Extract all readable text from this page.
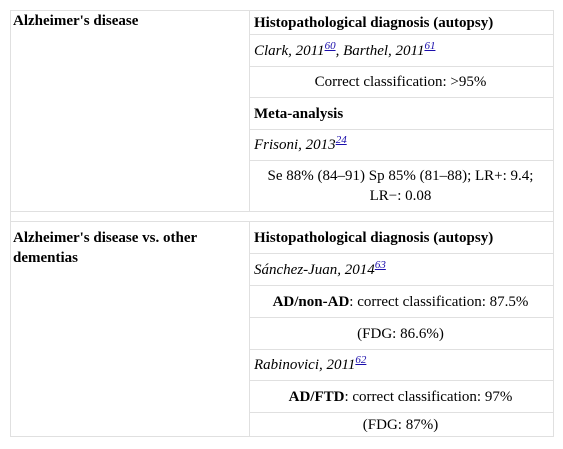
Alzheimer's disease	Histopathological diagnosis (autopsy)
	Clark, 2011$^{60}$, Barthel, 2011$^{61}$
	Correct classification: >95%
	Meta-analysis
	Frisoni, 2013$^{24}$
	Se 88% (84–91) Sp 85% (81–88); LR+: 9.4; LR−: 0.08

Alzheimer's disease vs. other dementias	Histopathological diagnosis (autopsy)
	Sánchez-Juan, 2014$^{63}$
	AD/non-AD: correct classification: 87.5%
	(FDG: 86.6%)
	Rabinovici, 2011$^{62}$
	AD/FTD: correct classification: 97%
	(FDG: 87%)
